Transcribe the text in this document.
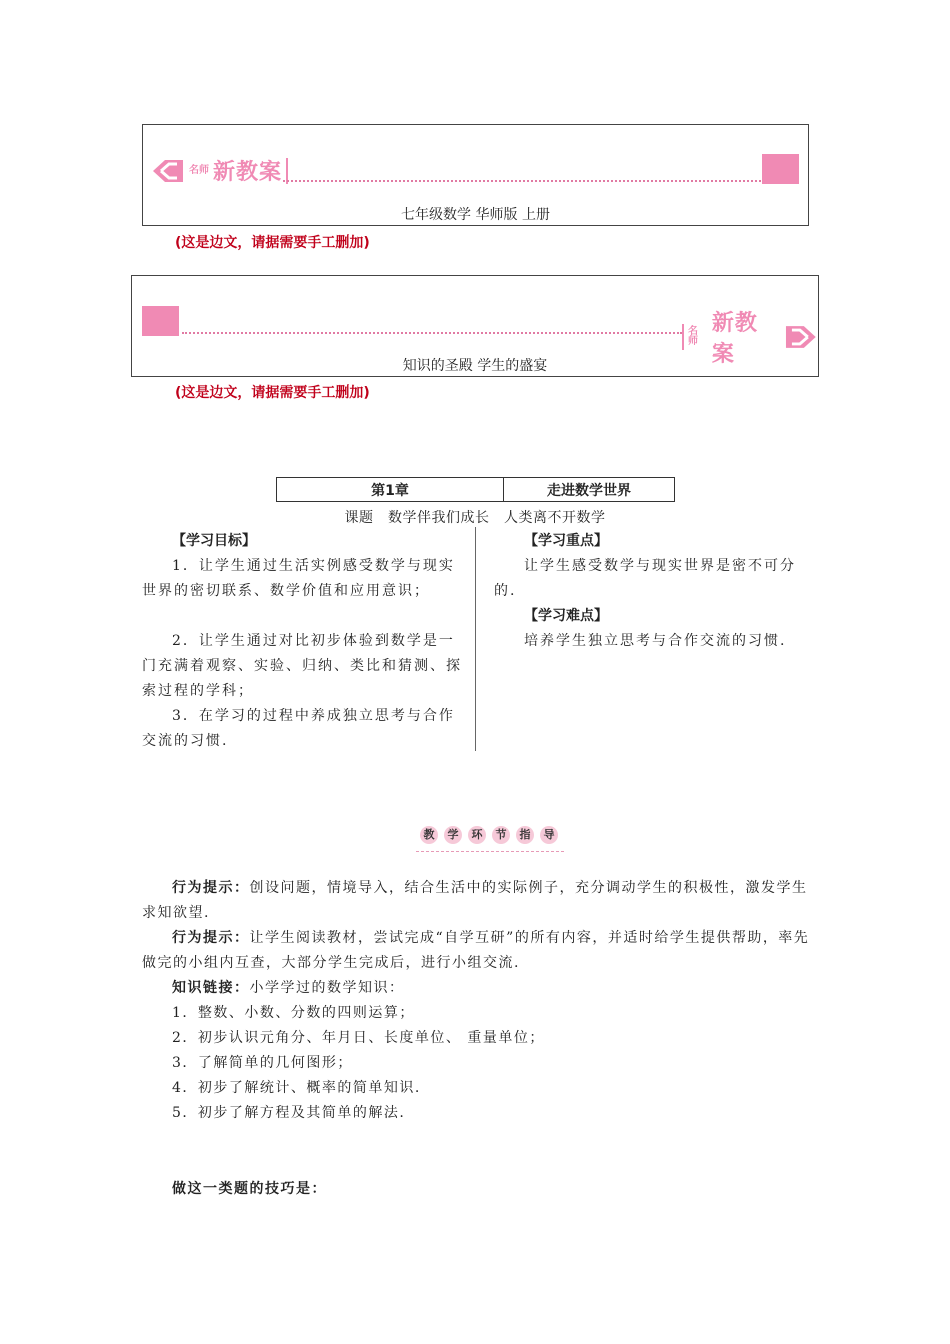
名师 新教案
七年级数学 华师版 上册
(这是边文，请据需要手工删加)
名师
新教案
知识的圣殿 学生的盛宴
(这是边文，请据需要手工删加)
第1章	走进数学世界
课题　数学伴我们成长　人类离不开数学

【学习目标】

1．让学生通过生活实例感受数学与现实世界的密切联系、数学价值和应用意识；

2．让学生通过对比初步体验到数学是一门充满着观察、实验、归纳、类比和猜测、探索过程的学科；

3．在学习的过程中养成独立思考与合作交流的习惯.

【学习重点】

让学生感受数学与现实世界是密不可分的.

【学习难点】

培养学生独立思考与合作交流的习惯.

教	学	环	节	指	导

行为提示：创设问题，情境导入，结合生活中的实际例子，充分调动学生的积极性，激发学生求知欲望.

行为提示：让学生阅读教材，尝试完成“自学互研”的所有内容，并适时给学生提供帮助，率先做完的小组内互查，大部分学生完成后，进行小组交流.

知识链接：小学学过的数学知识：

1．整数、小数、分数的四则运算；

2．初步认识元角分、年月日、长度单位、 重量单位；

3．了解简单的几何图形；

4．初步了解统计、概率的简单知识.

5．初步了解方程及其简单的解法.

做这一类题的技巧是：
